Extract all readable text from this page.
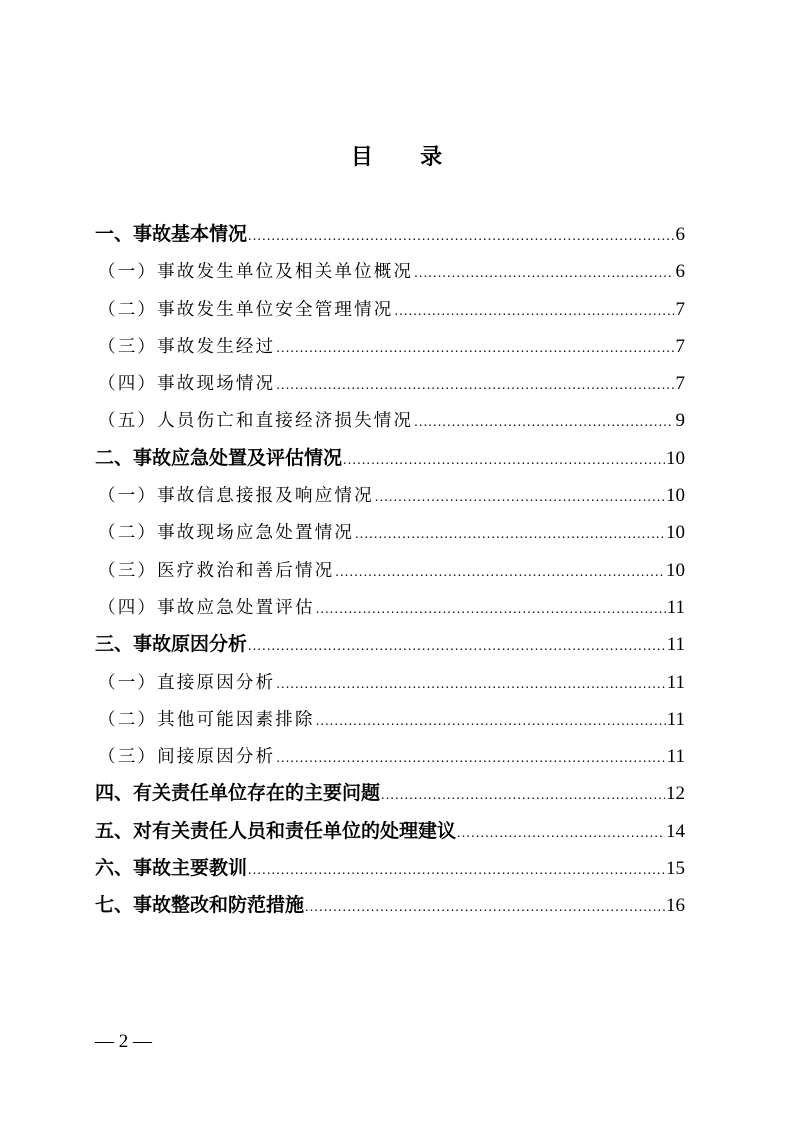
目 录
一、事故基本情况 .....	6
（一）事故发生单位及相关单位概况 .....	6
（二）事故发生单位安全管理情况 .....	7
（三）事故发生经过 .....	7
（四）事故现场情况 .....	7
（五）人员伤亡和直接经济损失情况 .....	9
二、事故应急处置及评估情况 .....	10
（一）事故信息接报及响应情况 .....	10
（二）事故现场应急处置情况 .....	10
（三）医疗救治和善后情况 .....	10
（四）事故应急处置评估 .....	11
三、事故原因分析 .....	11
（一）直接原因分析 .....	11
（二）其他可能因素排除 .....	11
（三）间接原因分析 .....	11
四、有关责任单位存在的主要问题 .....	12
五、对有关责任人员和责任单位的处理建议 .....	14
六、事故主要教训 .....	15
七、事故整改和防范措施 .....	16
— 2 —
